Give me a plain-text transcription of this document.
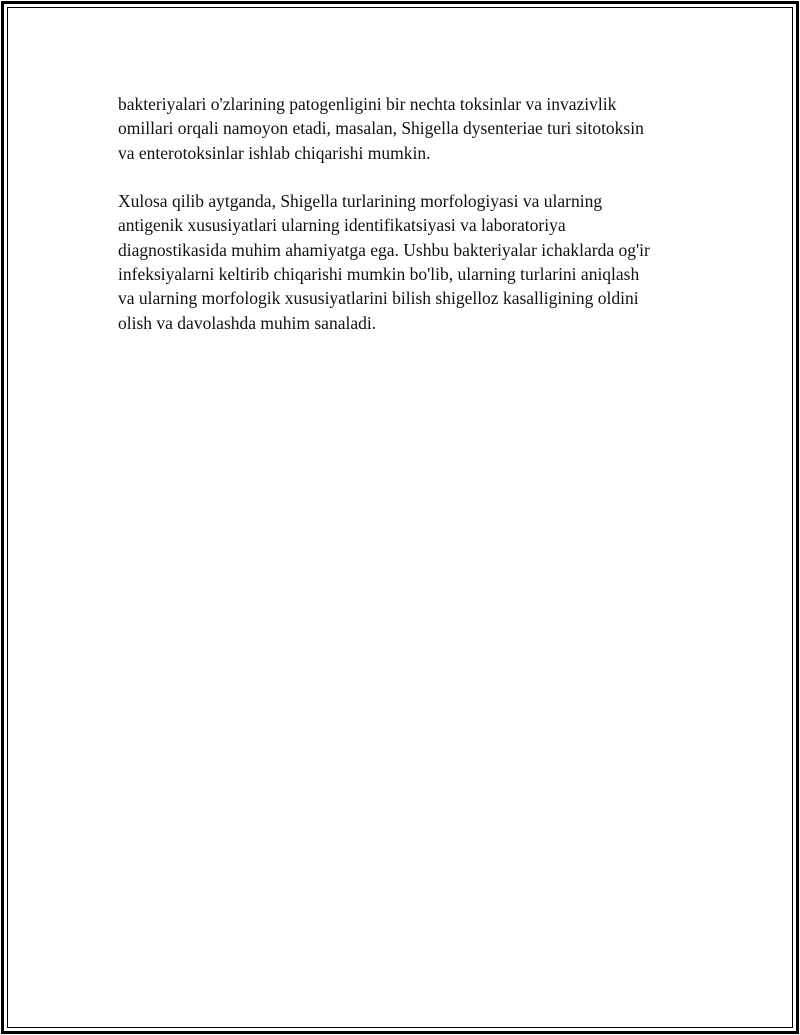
bakteriyalari o'zlarining patogenligini bir nechta toksinlar va invazivlik

omillari orqali namoyon etadi, masalan, Shigella dysenteriae turi sitotoksin

va enterotoksinlar ishlab chiqarishi mumkin.

Xulosa qilib aytganda, Shigella turlarining morfologiyasi va ularning

antigenik xususiyatlari ularning identifikatsiyasi va laboratoriya

diagnostikasida muhim ahamiyatga ega. Ushbu bakteriyalar ichaklarda og'ir

infeksiyalarni keltirib chiqarishi mumkin bo'lib, ularning turlarini aniqlash

va ularning morfologik xususiyatlarini bilish shigelloz kasalligining oldini

olish va davolashda muhim sanaladi.
